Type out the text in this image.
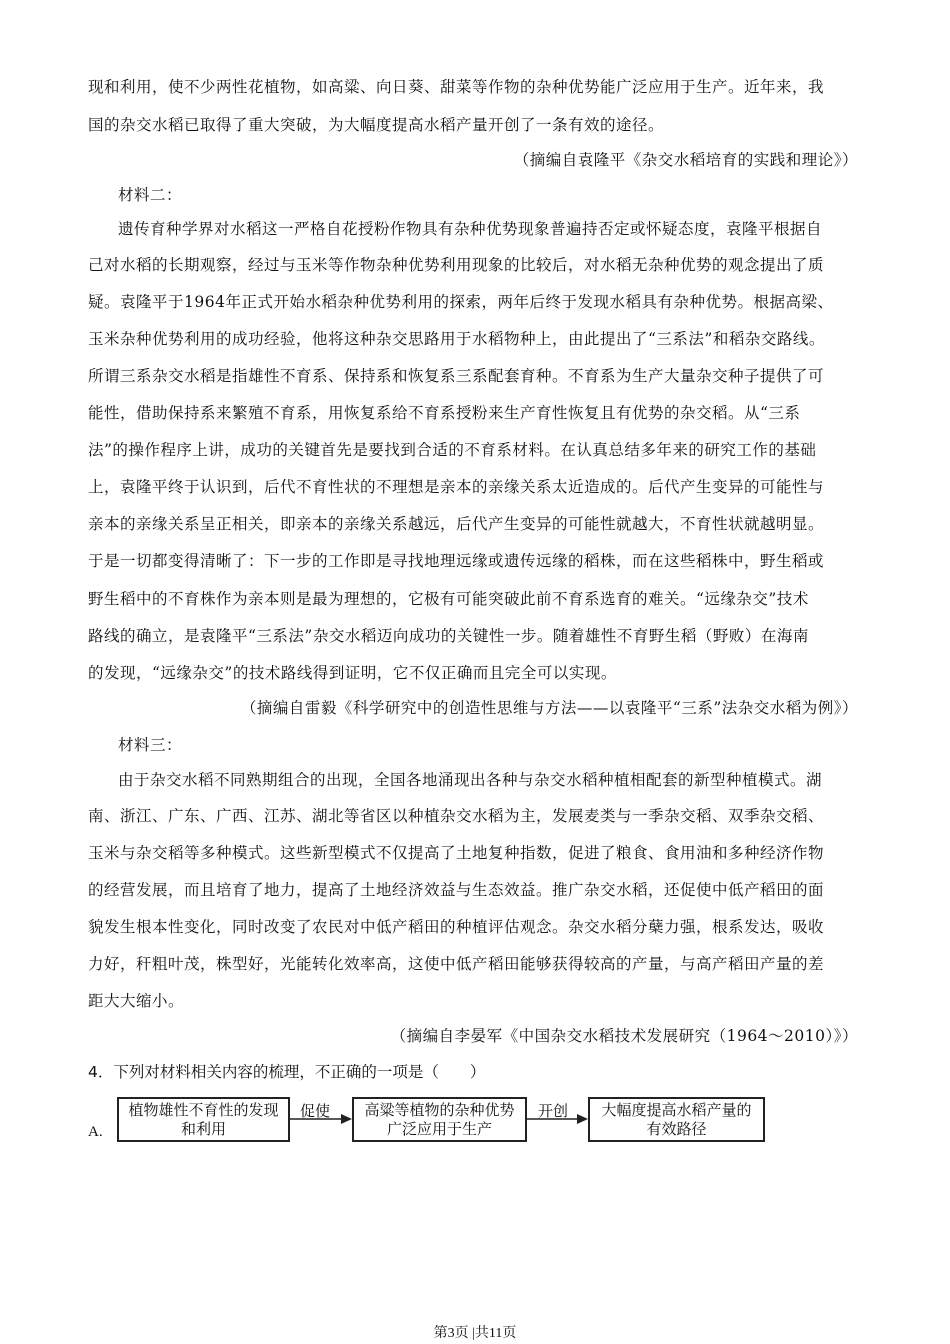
现和利用，使不少两性花植物，如高粱、向日葵、甜菜等作物的杂种优势能广泛应用于生产。近年来，我
国的杂交水稻已取得了重大突破，为大幅度提高水稻产量开创了一条有效的途径。
（摘编自袁隆平《杂交水稻培育的实践和理论》）
材料二：
遗传育种学界对水稻这一严格自花授粉作物具有杂种优势现象普遍持否定或怀疑态度，袁隆平根据自
己对水稻的长期观察，经过与玉米等作物杂种优势利用现象的比较后，对水稻无杂种优势的观念提出了质
疑。袁隆平于1964年正式开始水稻杂种优势利用的探索，两年后终于发现水稻具有杂种优势。根据高梁、
玉米杂种优势利用的成功经验，他将这种杂交思路用于水稻物种上，由此提出了“三系法”和稻杂交路线。
所谓三系杂交水稻是指雄性不育系、保持系和恢复系三系配套育种。不育系为生产大量杂交种子提供了可
能性，借助保持系来繁殖不育系，用恢复系给不育系授粉来生产育性恢复且有优势的杂交稻。从“三系
法”的操作程序上讲，成功的关键首先是要找到合适的不育系材料。在认真总结多年来的研究工作的基础
上，袁隆平终于认识到，后代不育性状的不理想是亲本的亲缘关系太近造成的。后代产生变异的可能性与
亲本的亲缘关系呈正相关，即亲本的亲缘关系越远，后代产生变异的可能性就越大，不育性状就越明显。
于是一切都变得清晰了：下一步的工作即是寻找地理远缘或遗传远缘的稻株，而在这些稻株中，野生稻或
野生稻中的不育株作为亲本则是最为理想的，它极有可能突破此前不育系选育的难关。“远缘杂交”技术
路线的确立，是袁隆平“三系法”杂交水稻迈向成功的关键性一步。随着雄性不育野生稻（野败）在海南
的发现，“远缘杂交”的技术路线得到证明，它不仅正确而且完全可以实现。
（摘编自雷毅《科学研究中的创造性思维与方法——以袁隆平“三系”法杂交水稻为例》）
材料三：
由于杂交水稻不同熟期组合的出现，全国各地涌现出各种与杂交水稻种植相配套的新型种植模式。湖
南、浙江、广东、广西、江苏、湖北等省区以种植杂交水稻为主，发展麦类与一季杂交稻、双季杂交稻、
玉米与杂交稻等多种模式。这些新型模式不仅提高了土地复种指数，促进了粮食、食用油和多种经济作物
的经营发展，而且培育了地力，提高了土地经济效益与生态效益。推广杂交水稻，还促使中低产稻田的面
貌发生根本性变化，同时改变了农民对中低产稻田的种植评估观念。杂交水稻分蘖力强，根系发达，吸收
力好，秆粗叶茂，株型好，光能转化效率高，这使中低产稻田能够获得较高的产量，与高产稻田产量的差
距大大缩小。
（摘编自李晏军《中国杂交水稻技术发展研究（1964～2010）》）
4．下列对材料相关内容的梳理，不正确的一项是（　　）
A.
植物雄性不育性的发现和利用
促使	高粱等植物的杂种优势广泛应用于生产
开创	大幅度提高水稻产量的有效路径
第3页 |共11页
